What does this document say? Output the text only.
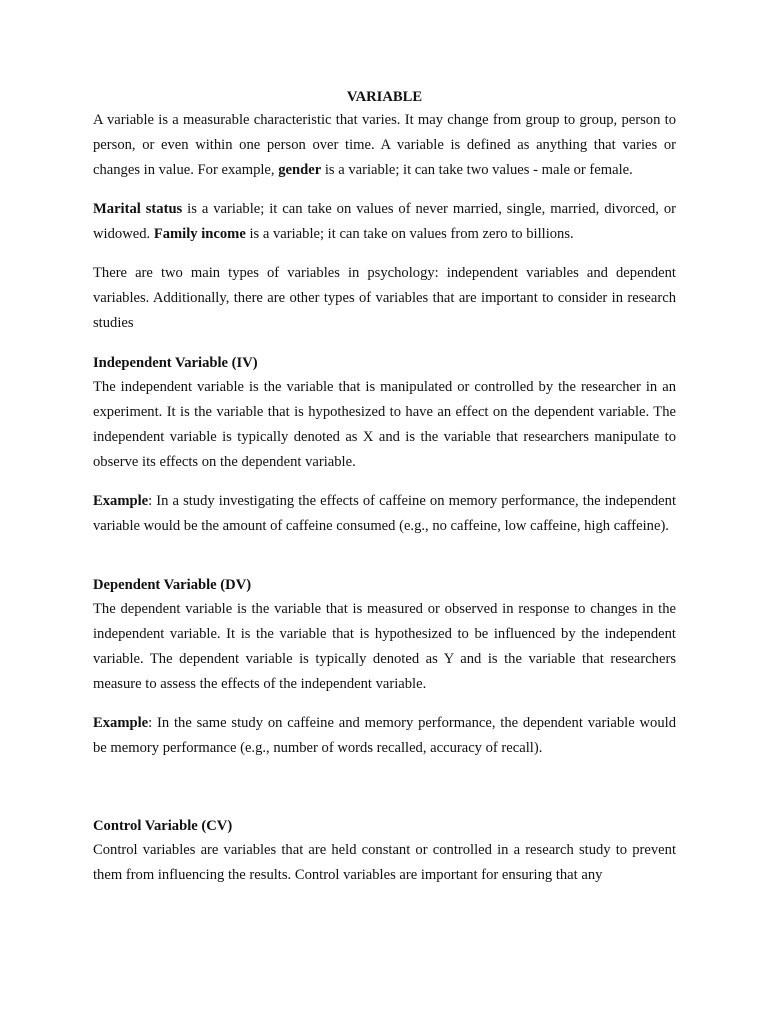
VARIABLE

A variable is a measurable characteristic that varies. It may change from group to group, person to person, or even within one person over time. A variable is defined as anything that varies or changes in value. For example, gender is a variable; it can take two values - male or female.

Marital status is a variable; it can take on values of never married, single, married, divorced, or widowed. Family income is a variable; it can take on values from zero to billions.

There are two main types of variables in psychology: independent variables and dependent variables. Additionally, there are other types of variables that are important to consider in research studies

Independent Variable (IV)

The independent variable is the variable that is manipulated or controlled by the researcher in an experiment. It is the variable that is hypothesized to have an effect on the dependent variable. The independent variable is typically denoted as X and is the variable that researchers manipulate to observe its effects on the dependent variable.

Example: In a study investigating the effects of caffeine on memory performance, the independent variable would be the amount of caffeine consumed (e.g., no caffeine, low caffeine, high caffeine).

Dependent Variable (DV)

The dependent variable is the variable that is measured or observed in response to changes in the independent variable. It is the variable that is hypothesized to be influenced by the independent variable. The dependent variable is typically denoted as Y and is the variable that researchers measure to assess the effects of the independent variable.

Example: In the same study on caffeine and memory performance, the dependent variable would be memory performance (e.g., number of words recalled, accuracy of recall).

Control Variable (CV)

Control variables are variables that are held constant or controlled in a research study to prevent them from influencing the results. Control variables are important for ensuring that any
